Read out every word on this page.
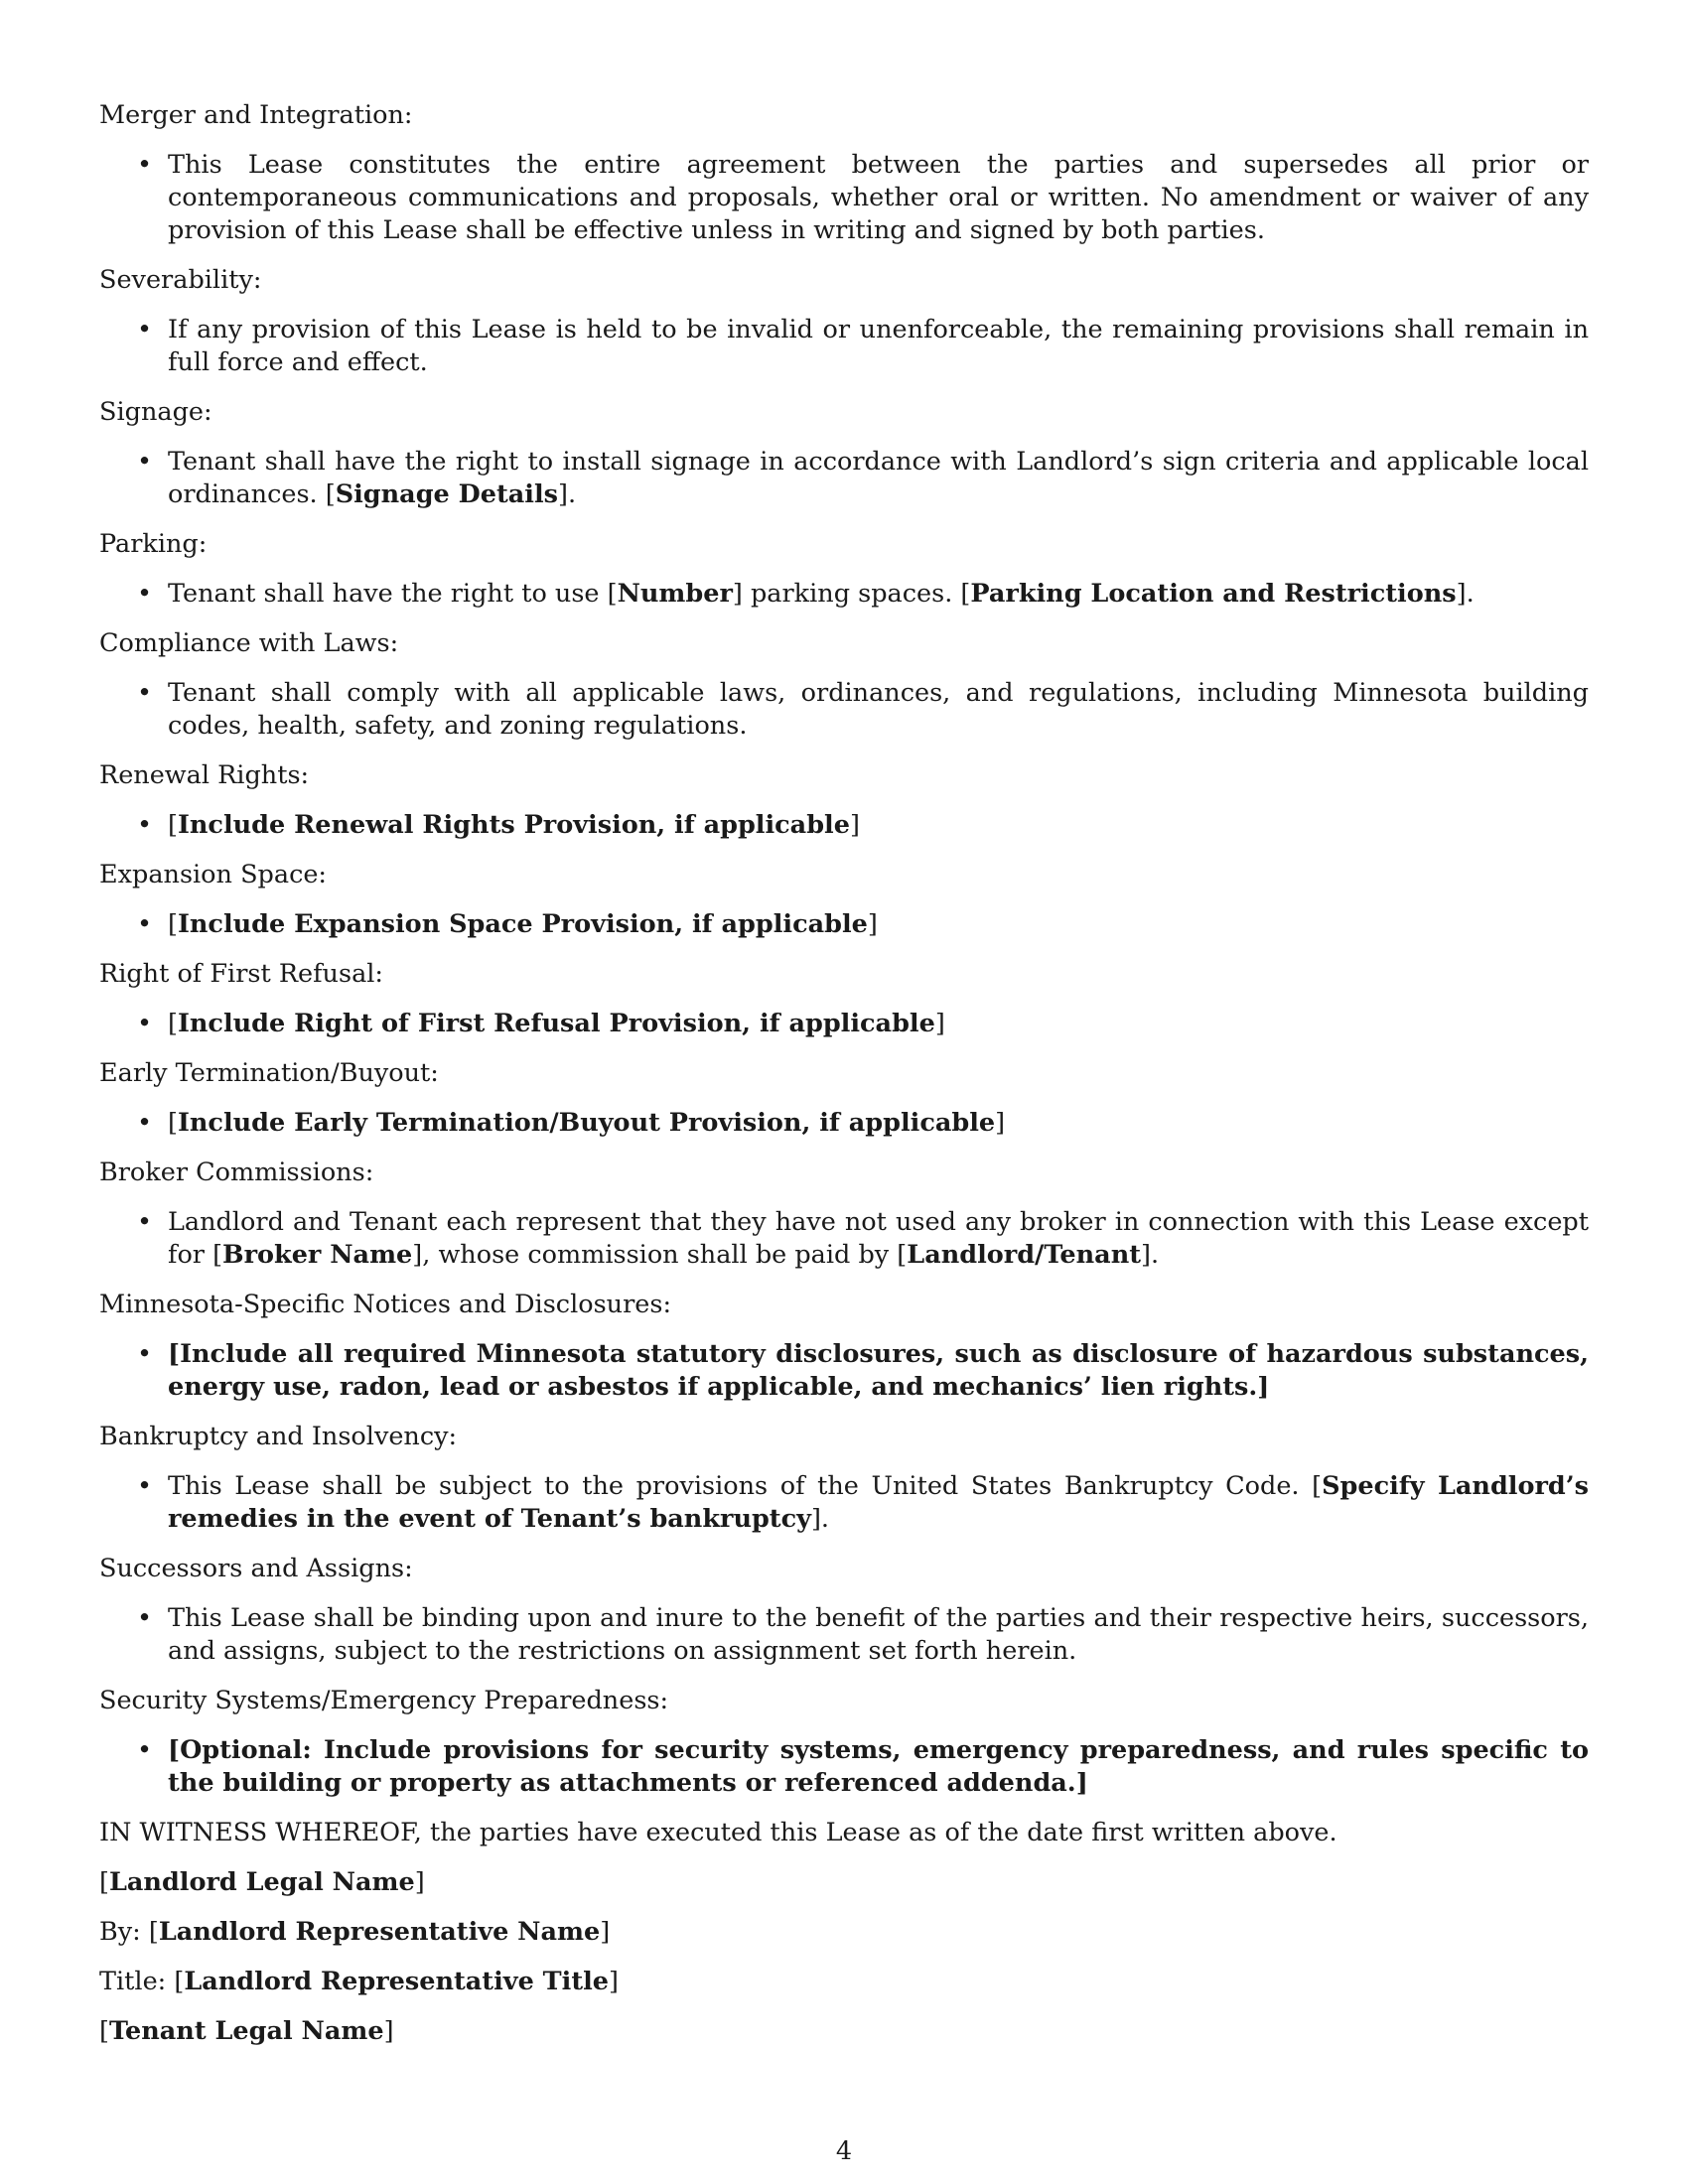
Merger and Integration:
• This Lease constitutes the entire agreement between the parties and supersedes all prior or contemporaneous communications and proposals, whether oral or written. No amendment or waiver of any provision of this Lease shall be effective unless in writing and signed by both parties.
Severability:
• If any provision of this Lease is held to be invalid or unenforceable, the remaining provisions shall remain in full force and effect.
Signage:
• Tenant shall have the right to install signage in accordance with Landlord’s sign criteria and applicable local ordinances. [Signage Details].
Parking:
• Tenant shall have the right to use [Number] parking spaces. [Parking Location and Restrictions].
Compliance with Laws:
• Tenant shall comply with all applicable laws, ordinances, and regulations, including Minnesota building codes, health, safety, and zoning regulations.
Renewal Rights:
• [Include Renewal Rights Provision, if applicable]
Expansion Space:
• [Include Expansion Space Provision, if applicable]
Right of First Refusal:
• [Include Right of First Refusal Provision, if applicable]
Early Termination/Buyout:
• [Include Early Termination/Buyout Provision, if applicable]
Broker Commissions:
• Landlord and Tenant each represent that they have not used any broker in connection with this Lease except for [Broker Name], whose commission shall be paid by [Landlord/Tenant].
Minnesota-Specific Notices and Disclosures:
• [Include all required Minnesota statutory disclosures, such as disclosure of hazardous substances, energy use, radon, lead or asbestos if applicable, and mechanics’ lien rights.]
Bankruptcy and Insolvency:
• This Lease shall be subject to the provisions of the United States Bankruptcy Code. [Specify Landlord’s remedies in the event of Tenant’s bankruptcy].
Successors and Assigns:
• This Lease shall be binding upon and inure to the benefit of the parties and their respective heirs, successors, and assigns, subject to the restrictions on assignment set forth herein.
Security Systems/Emergency Preparedness:
• [Optional: Include provisions for security systems, emergency preparedness, and rules specific to the building or property as attachments or referenced addenda.]

IN WITNESS WHEREOF, the parties have executed this Lease as of the date first written above.

[Landlord Legal Name]

By: [Landlord Representative Name]

Title: [Landlord Representative Title]

[Tenant Legal Name]

4
